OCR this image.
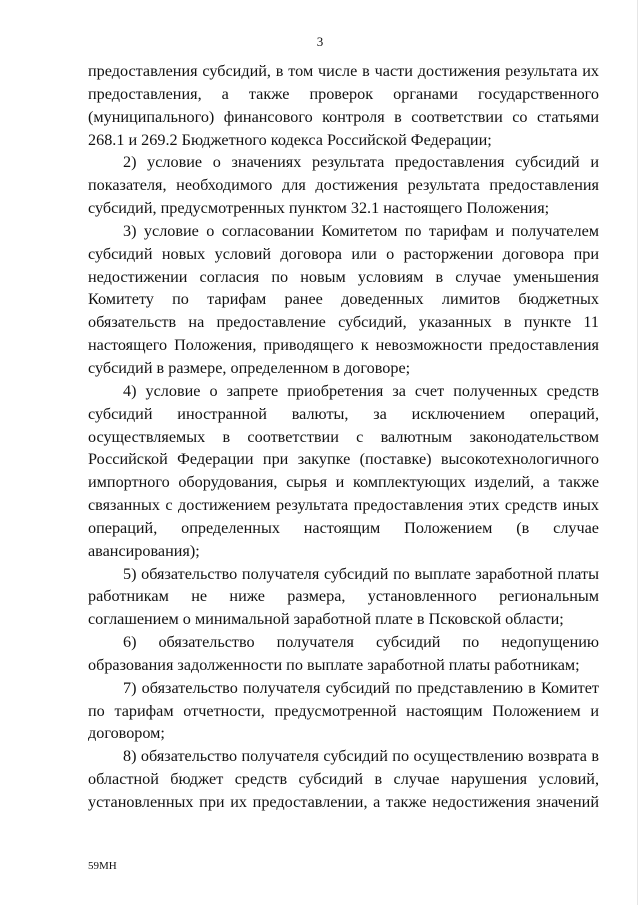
3
предоставления субсидий, в том числе в части достижения результата их
предоставления, а также проверок органами государственного
(муниципального) финансового контроля в соответствии со статьями
268.1 и 269.2 Бюджетного кодекса Российской Федерации;
2) условие о значениях результата предоставления субсидий и
показателя, необходимого для достижения результата предоставления
субсидий, предусмотренных пунктом 32.1 настоящего Положения;
3) условие о согласовании Комитетом по тарифам и получателем
субсидий новых условий договора или о расторжении договора при
недостижении согласия по новым условиям в случае уменьшения
Комитету по тарифам ранее доведенных лимитов бюджетных
обязательств на предоставление субсидий, указанных в пункте 11
настоящего Положения, приводящего к невозможности предоставления
субсидий в размере, определенном в договоре;
4) условие о запрете приобретения за счет полученных средств
субсидий иностранной валюты, за исключением операций,
осуществляемых в соответствии с валютным законодательством
Российской Федерации при закупке (поставке) высокотехнологичного
импортного оборудования, сырья и комплектующих изделий, а также
связанных с достижением результата предоставления этих средств иных
операций, определенных настоящим Положением (в случае
авансирования);
5) обязательство получателя субсидий по выплате заработной платы
работникам не ниже размера, установленного региональным
соглашением о минимальной заработной плате в Псковской области;
6) обязательство получателя субсидий по недопущению
образования задолженности по выплате заработной платы работникам;
7) обязательство получателя субсидий по представлению в Комитет
по тарифам отчетности, предусмотренной настоящим Положением и
договором;
8) обязательство получателя субсидий по осуществлению возврата в
областной бюджет средств субсидий в случае нарушения условий,
установленных при их предоставлении, а также недостижения значений
59МН
